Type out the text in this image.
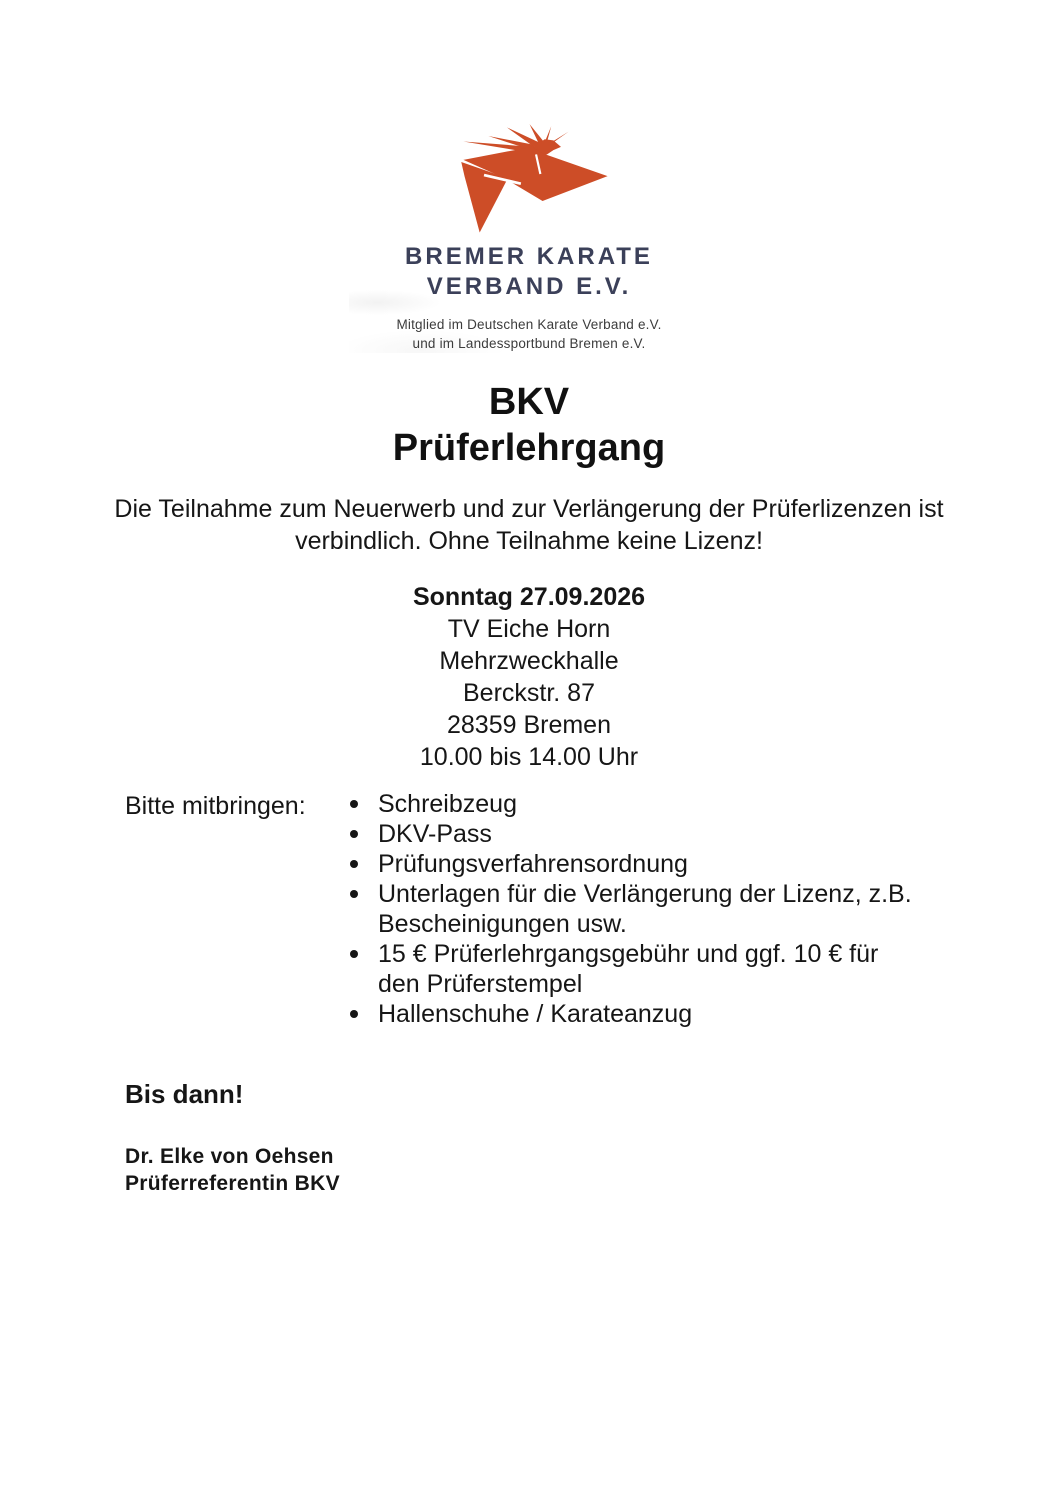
BREMER KARATE
VERBAND E.V.
Mitglied im Deutschen Karate Verband e.V.
und im Landessportbund Bremen e.V.
BKV
Prüferlehrgang

Die Teilnahme zum Neuerwerb und zur Verlängerung der Prüferlizenzen ist verbindlich. Ohne Teilnahme keine Lizenz!

Sonntag 27.09.2026
TV Eiche Horn
Mehrzweckhalle
Berckstr. 87
28359 Bremen
10.00 bis 14.00 Uhr
Bitte mitbringen:	Schreibzeug
DKV-Pass
Prüfungsverfahrensordnung
Unterlagen für die Verlängerung der Lizenz, z.B. Bescheinigungen usw.
15 € Prüferlehrgangsgebühr und ggf. 10 € für den Prüferstempel
Hallenschuhe / Karateanzug
Bis dann!
Dr. Elke von Oehsen
Prüferreferentin BKV
